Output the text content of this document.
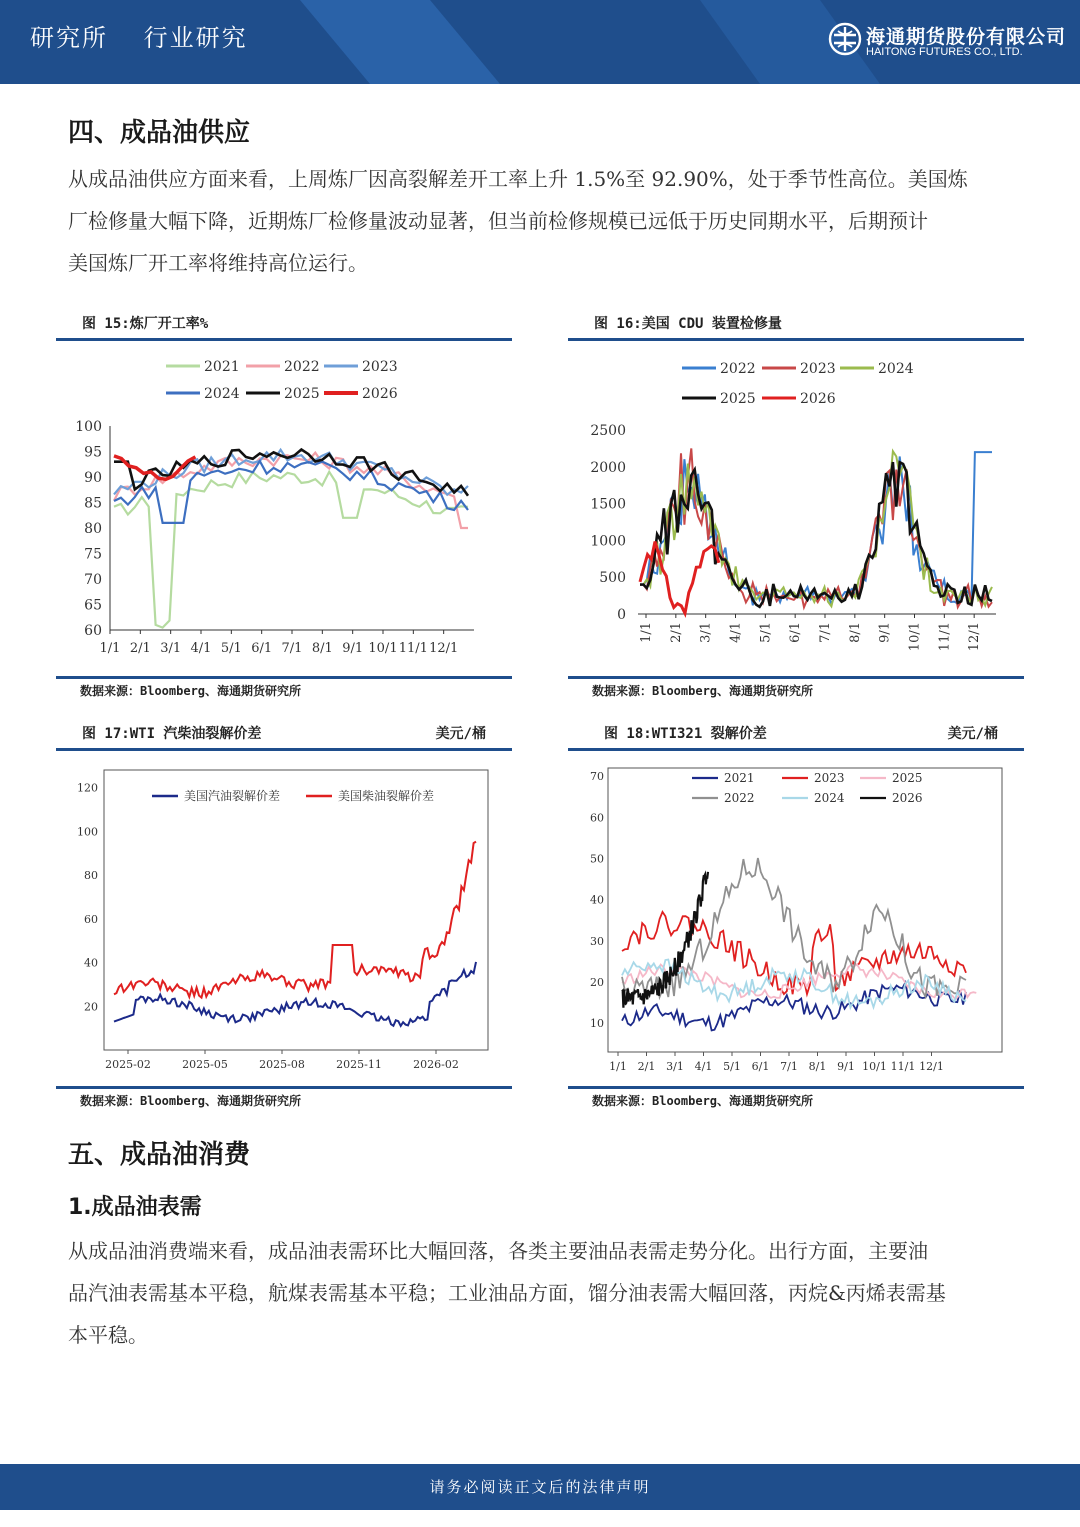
研究所 行业研究	海通期货股份有限公司
HAITONG FUTURES CO., LTD.
四、成品油供应
从成品油供应方面来看，上周炼厂因高裂解差开工率上升 1.5%至 92.90%，处于季节性高位。美国炼
厂检修量大幅下降，近期炼厂检修量波动显著，但当前检修规模已远低于历史同期水平，后期预计
美国炼厂开工率将维持高位运行。
图 15:炼厂开工率%
2021	2022	2023
2024	2025	2026
100
95
90
85
80
75
70
65
60
1/1 2/1 3/1 4/1 5/1 6/1 7/1 8/1 9/1 10/1 11/1 12/1
数据来源：Bloomberg、海通期货研究所
图 16:美国 CDU 装置检修量
2022	2023	2024
2025	2026
2500
2000
1500
1000
500
0
1/1 2/1 3/1 4/1 5/1 6/1 7/1 8/1 9/1 10/1 11/1 12/1
数据来源：Bloomberg、海通期货研究所
图 17:WTI 汽柴油裂解价差	美元/桶
120
100
80
60
40
20
2025-02	2025-05	2025-08	2025-11	2026-02
美国汽油裂解价差	美国柴油裂解价差
数据来源：Bloomberg、海通期货研究所
图 18:WTI321 裂解价差	美元/桶
70
60
50
40
30
20
10
1/1 2/1 3/1 4/1 5/1 6/1 7/1 8/1 9/1 10/1 11/1 12/1
2021	2023	2025
2022	2024	2026
数据来源：Bloomberg、海通期货研究所
五、成品油消费
1.成品油表需
从成品油消费端来看，成品油表需环比大幅回落，各类主要油品表需走势分化。出行方面，主要油
品汽油表需基本平稳，航煤表需基本平稳；工业油品方面，馏分油表需大幅回落，丙烷&丙烯表需基
本平稳。
请务必阅读正文后的法律声明
